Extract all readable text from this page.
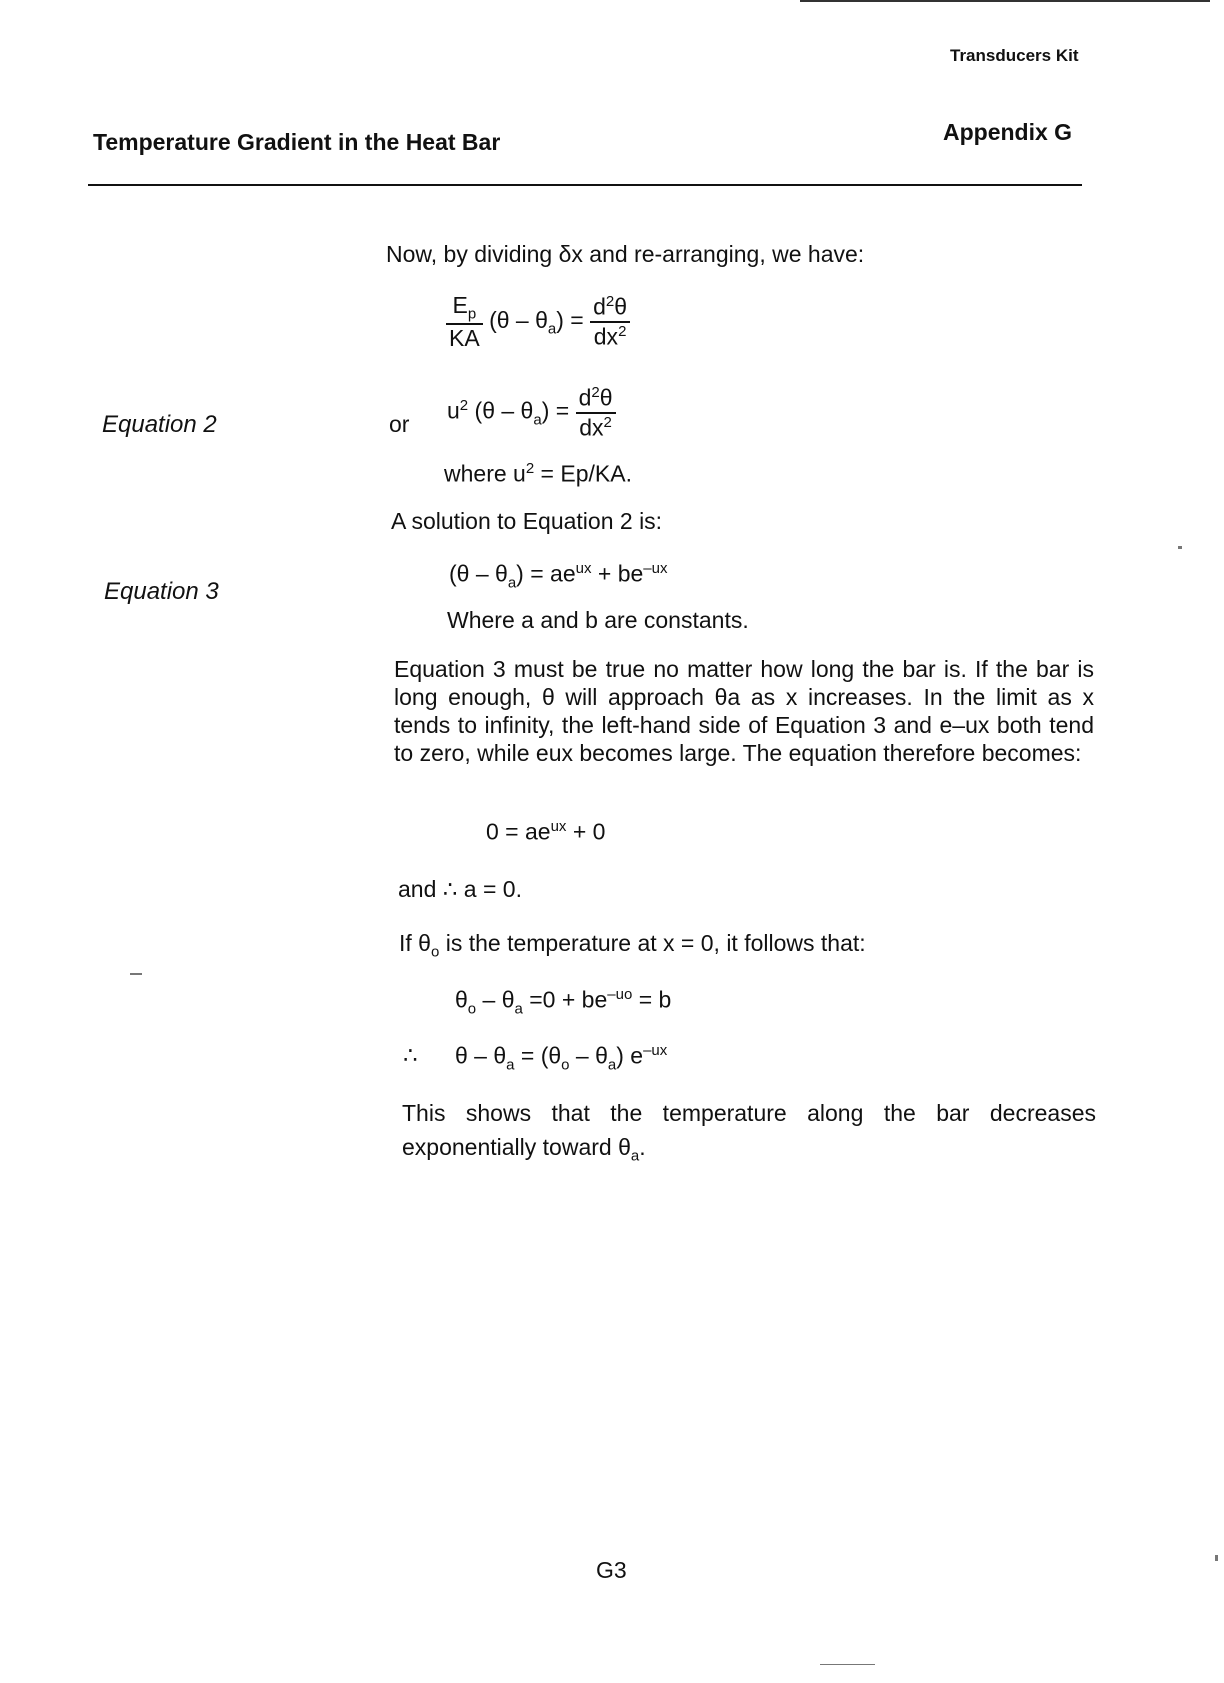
Transducers Kit
Temperature Gradient in the Heat Bar	Appendix G
Equation 2
Equation 3
Now, by dividing δx and re-arranging, we have:
$\frac{E_p}{KA} (\theta - \theta_a) = \frac{d^2\theta}{dx^2}$
or
$u^2$ $(\theta - \theta_a) = \frac{d^2\theta}{dx^2}$
where $u^2 = Ep/KA$.
A solution to Equation 2 is:
$(\theta - \theta_a) = ae^{ux} + be^{-ux}$
Where a and b are constants.
Equation 3 must be true no matter how long the bar is. If the bar is long enough, θ will approach θa as x increases. In the limit as x tends to infinity, the left-hand side of Equation 3 and e–ux both tend to zero, while eux becomes large. The equation therefore becomes:
$0 = ae^{ux} + 0$
and ∴ a = 0.
If $\theta_o$ is the temperature at x = 0, it follows that:
$\theta_o - \theta_a =0 + be^{-uo} = b$
∴ $\theta - \theta_a = (\theta_o - \theta_a)$ $e^{-ux}$
This shows that the temperature along the bar decreases exponentially toward $\theta_a$.
G3
